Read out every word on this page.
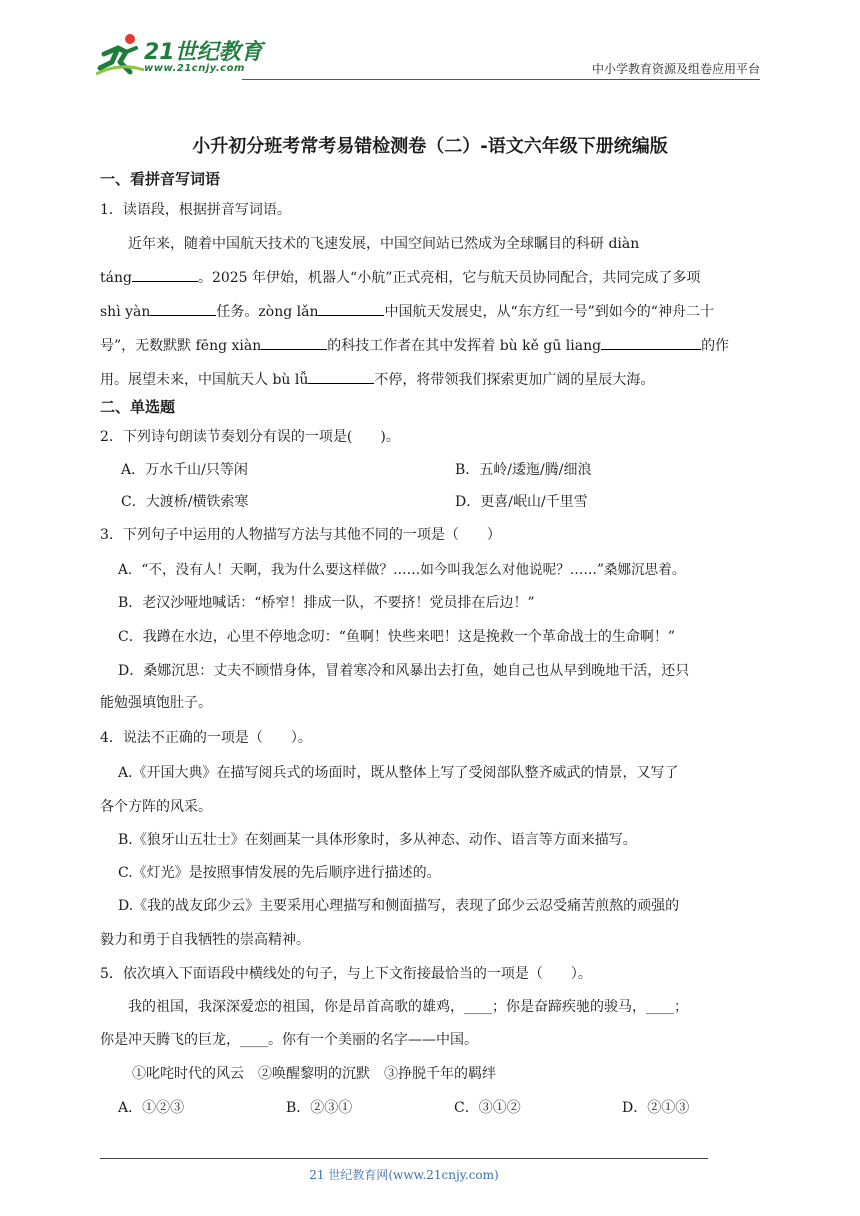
21世纪教育
www.21cnjy.com	中小学教育资源及组卷应用平台
小升初分班考常考易错检测卷（二）-语文六年级下册统编版
一、看拼音写词语
1．读语段，根据拼音写词语。
近年来，随着中国航天技术的飞速发展，中国空间站已然成为全球瞩目的科研 diàn
táng	。2025 年伊始，机器人“小航”正式亮相，它与航天员协同配合，共同完成了多项
shì yàn	任务。zòng lǎn	中国航天发展史，从“东方红一号”到如今的“神舟二十
号”，无数默默 fēng xiàn	的科技工作者在其中发挥着 bù kě gū liang	的作
用。展望未来，中国航天人 bù lǚ	不停，将带领我们探索更加广阔的星辰大海。
二、单选题
2．下列诗句朗读节奏划分有误的一项是(　　)。
A．万水千山/只等闲	B．五岭/逶迤/腾/细浪
C．大渡桥/横铁索寒	D．更喜/岷山/千里雪
3．下列句子中运用的人物描写方法与其他不同的一项是（　　）
A．“不，没有人！天啊，我为什么要这样做？……如今叫我怎么对他说呢？……”桑娜沉思着。
B．老汉沙哑地喊话：“桥窄！排成一队，不要挤！党员排在后边！”
C．我蹲在水边，心里不停地念叨：“鱼啊！快些来吧！这是挽救一个革命战士的生命啊！”
D．桑娜沉思：丈夫不顾惜身体，冒着寒冷和风暴出去打鱼，她自己也从早到晚地干活，还只
能勉强填饱肚子。
4．说法不正确的一项是（　　）。
A.《开国大典》在描写阅兵式的场面时，既从整体上写了受阅部队整齐威武的情景，又写了
各个方阵的风采。
B.《狼牙山五壮士》在刻画某一具体形象时，多从神态、动作、语言等方面来描写。
C.《灯光》是按照事情发展的先后顺序进行描述的。
D.《我的战友邱少云》主要采用心理描写和侧面描写，表现了邱少云忍受痛苦煎熬的顽强的
毅力和勇于自我牺牲的崇高精神。
5．依次填入下面语段中横线处的句子，与上下文衔接最恰当的一项是（　　）。
我的祖国，我深深爱恋的祖国，你是昂首高歌的雄鸡，____；你是奋蹄疾驰的骏马，____；
你是冲天腾飞的巨龙，____。你有一个美丽的名字——中国。
①叱咤时代的风云　②唤醒黎明的沉默　③挣脱千年的羁绊
A．①②③	B．②③①	C．③①②	D．②①③
21 世纪教育网(www.21cnjy.com)
